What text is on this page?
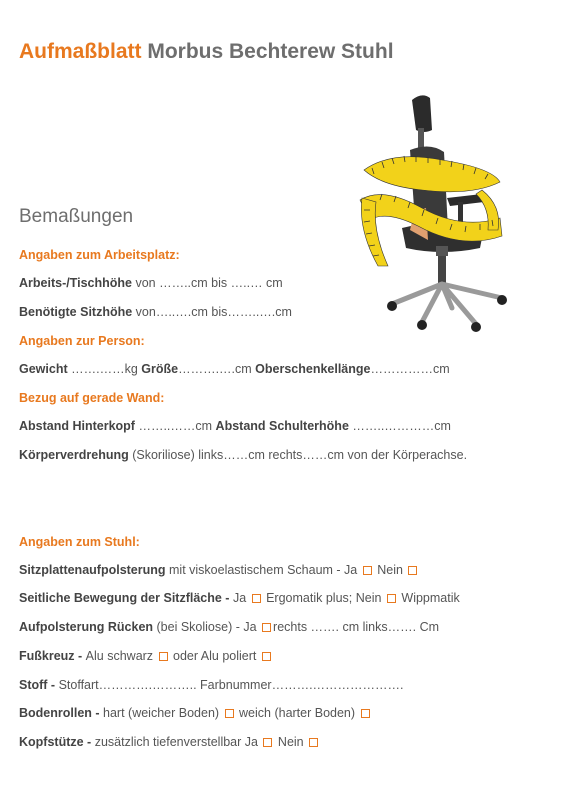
Aufmaßblatt Morbus Bechterew Stuhl
Bemaßungen
Angaben zum Arbeitsplatz:
Arbeits-/Tischhöhe von ……..cm bis …..… cm
Benötigte Sitzhöhe von…..….cm bis……..….cm
Angaben zur Person:
Gewicht …….……kg Größe……….….cm Oberschenkellänge……………cm
Bezug auf gerade Wand:
Abstand Hinterkopf ……..……cm Abstand Schulterhöhe ……..…………cm
Körperverdrehung (Skoriliose) links……cm rechts……cm von der Körperachse.
Angaben zum Stuhl:
Sitzplattenaufpolsterung mit viskoelastischem Schaum - Ja  Nein
Seitliche Bewegung der Sitzfläche - Ja  Ergomatik plus; Nein  Wippmatik
Aufpolsterung Rücken (bei Skoliose) - Ja rechts ……. cm links……. Cm
Fußkreuz - Alu schwarz  oder Alu poliert
Stoff - Stoffart………….……….. Farbnummer……….………………….
Bodenrollen - hart (weicher Boden)  weich (harter Boden)
Kopfstütze - zusätzlich tiefenverstellbar Ja  Nein
